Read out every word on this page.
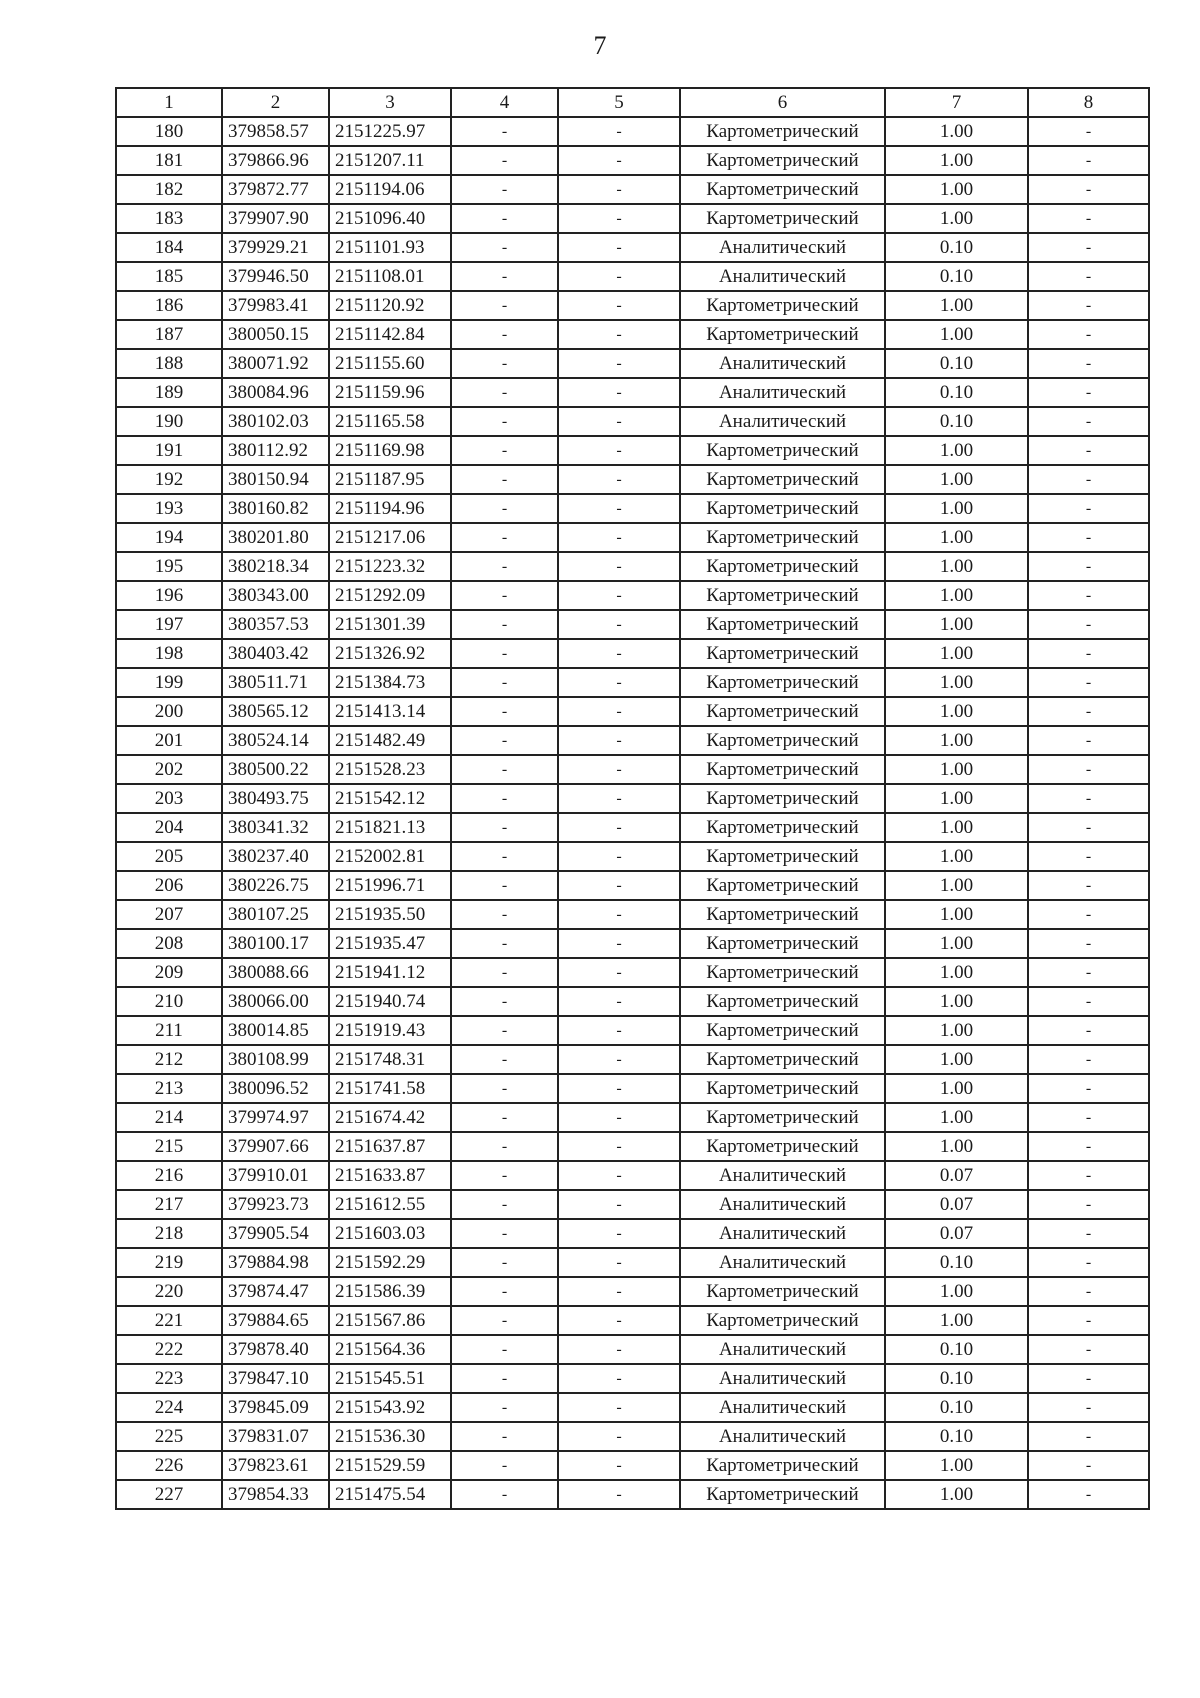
7
1	2	3	4	5	6	7	8
180	379858.57	2151225.97	-	-	Картометрический	1.00	-
181	379866.96	2151207.11	-	-	Картометрический	1.00	-
182	379872.77	2151194.06	-	-	Картометрический	1.00	-
183	379907.90	2151096.40	-	-	Картометрический	1.00	-
184	379929.21	2151101.93	-	-	Аналитический	0.10	-
185	379946.50	2151108.01	-	-	Аналитический	0.10	-
186	379983.41	2151120.92	-	-	Картометрический	1.00	-
187	380050.15	2151142.84	-	-	Картометрический	1.00	-
188	380071.92	2151155.60	-	-	Аналитический	0.10	-
189	380084.96	2151159.96	-	-	Аналитический	0.10	-
190	380102.03	2151165.58	-	-	Аналитический	0.10	-
191	380112.92	2151169.98	-	-	Картометрический	1.00	-
192	380150.94	2151187.95	-	-	Картометрический	1.00	-
193	380160.82	2151194.96	-	-	Картометрический	1.00	-
194	380201.80	2151217.06	-	-	Картометрический	1.00	-
195	380218.34	2151223.32	-	-	Картометрический	1.00	-
196	380343.00	2151292.09	-	-	Картометрический	1.00	-
197	380357.53	2151301.39	-	-	Картометрический	1.00	-
198	380403.42	2151326.92	-	-	Картометрический	1.00	-
199	380511.71	2151384.73	-	-	Картометрический	1.00	-
200	380565.12	2151413.14	-	-	Картометрический	1.00	-
201	380524.14	2151482.49	-	-	Картометрический	1.00	-
202	380500.22	2151528.23	-	-	Картометрический	1.00	-
203	380493.75	2151542.12	-	-	Картометрический	1.00	-
204	380341.32	2151821.13	-	-	Картометрический	1.00	-
205	380237.40	2152002.81	-	-	Картометрический	1.00	-
206	380226.75	2151996.71	-	-	Картометрический	1.00	-
207	380107.25	2151935.50	-	-	Картометрический	1.00	-
208	380100.17	2151935.47	-	-	Картометрический	1.00	-
209	380088.66	2151941.12	-	-	Картометрический	1.00	-
210	380066.00	2151940.74	-	-	Картометрический	1.00	-
211	380014.85	2151919.43	-	-	Картометрический	1.00	-
212	380108.99	2151748.31	-	-	Картометрический	1.00	-
213	380096.52	2151741.58	-	-	Картометрический	1.00	-
214	379974.97	2151674.42	-	-	Картометрический	1.00	-
215	379907.66	2151637.87	-	-	Картометрический	1.00	-
216	379910.01	2151633.87	-	-	Аналитический	0.07	-
217	379923.73	2151612.55	-	-	Аналитический	0.07	-
218	379905.54	2151603.03	-	-	Аналитический	0.07	-
219	379884.98	2151592.29	-	-	Аналитический	0.10	-
220	379874.47	2151586.39	-	-	Картометрический	1.00	-
221	379884.65	2151567.86	-	-	Картометрический	1.00	-
222	379878.40	2151564.36	-	-	Аналитический	0.10	-
223	379847.10	2151545.51	-	-	Аналитический	0.10	-
224	379845.09	2151543.92	-	-	Аналитический	0.10	-
225	379831.07	2151536.30	-	-	Аналитический	0.10	-
226	379823.61	2151529.59	-	-	Картометрический	1.00	-
227	379854.33	2151475.54	-	-	Картометрический	1.00	-
